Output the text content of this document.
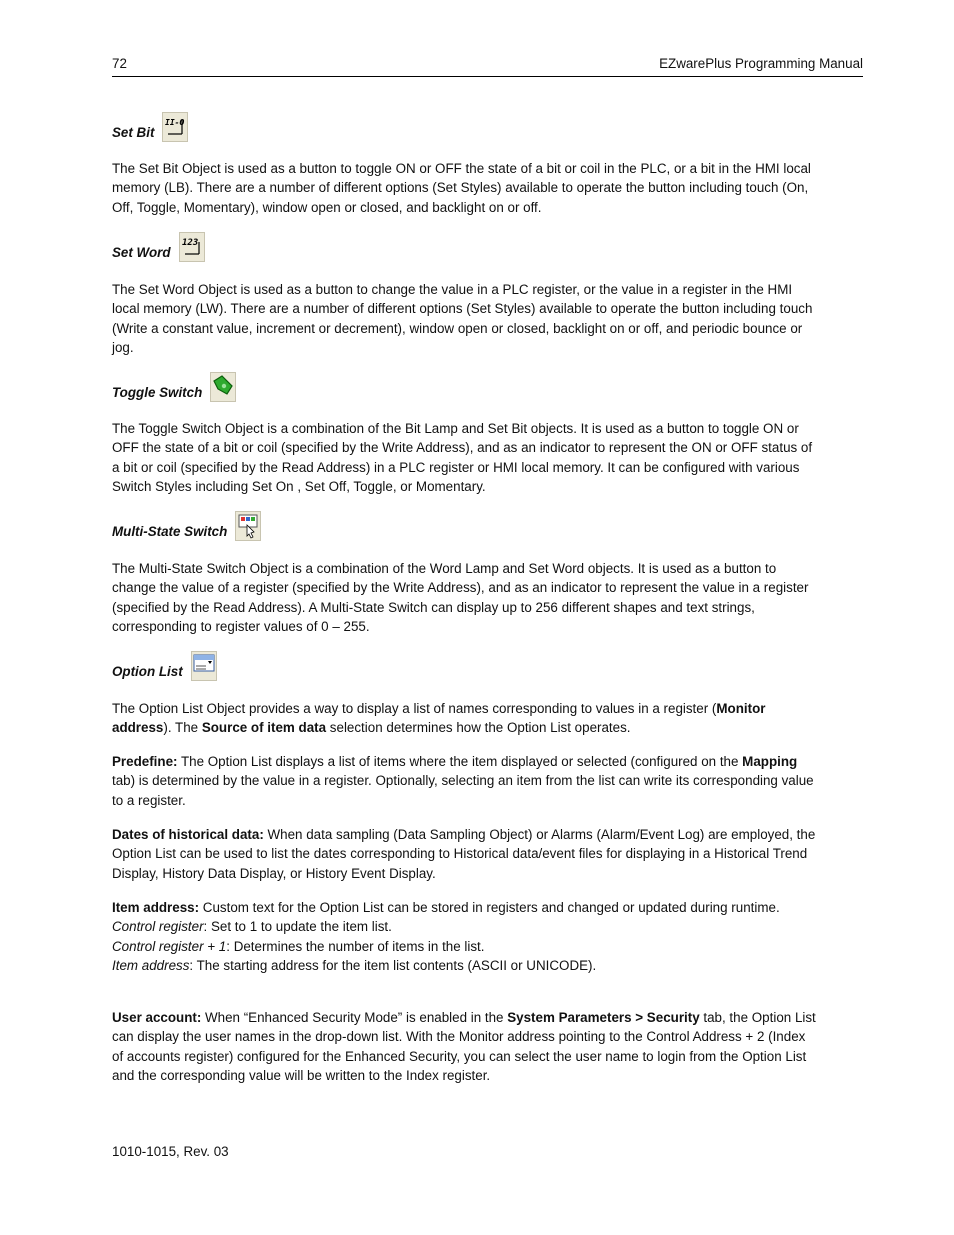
72	EZwarePlus Programming Manual
Set Bit
II-O
The Set Bit Object is used as a button to toggle ON or OFF the state of a bit or coil in the PLC, or a bit in the HMI local memory (LB). There are a number of different options (Set Styles) available to operate the button including touch (On, Off, Toggle, Momentary), window open or closed, and backlight on or off.
Set Word
123
The Set Word Object is used as a button to change the value in a PLC register, or the value in a register in the HMI local memory (LW). There are a number of different options (Set Styles) available to operate the button including touch (Write a constant value, increment or decrement), window open or closed, backlight on or off, and periodic bounce or jog.
Toggle Switch
The Toggle Switch Object is a combination of the Bit Lamp and Set Bit objects. It is used as a button to toggle ON or OFF the state of a bit or coil (specified by the Write Address), and as an indicator to represent the ON or OFF status of a bit or coil (specified by the Read Address) in a PLC register or HMI local memory. It can be configured with various Switch Styles including Set On , Set Off, Toggle, or Momentary.
Multi-State Switch
The Multi-State Switch Object is a combination of the Word Lamp and Set Word objects. It is used as a button to change the value of a register (specified by the Write Address), and as an indicator to represent the value in a register (specified by the Read Address). A Multi-State Switch can display up to 256 different shapes and text strings, corresponding to register values of 0 – 255.
Option List
The Option List Object provides a way to display a list of names corresponding to values in a register (Monitor address). The Source of item data selection determines how the Option List operates.
Predefine: The Option List displays a list of items where the item displayed or selected (configured on the Mapping tab) is determined by the value in a register. Optionally, selecting an item from the list can write its corresponding value to a register.
Dates of historical data: When data sampling (Data Sampling Object) or Alarms (Alarm/Event Log) are employed, the Option List can be used to list the dates corresponding to Historical data/event files for displaying in a Historical Trend Display, History Data Display, or History Event Display.
Item address: Custom text for the Option List can be stored in registers and changed or updated during runtime.
Control register: Set to 1 to update the item list.
Control register + 1: Determines the number of items in the list.
Item address: The starting address for the item list contents (ASCII or UNICODE).
User account: When “Enhanced Security Mode” is enabled in the System Parameters > Security tab, the Option List can display the user names in the drop-down list. With the Monitor address pointing to the Control Address + 2 (Index of accounts register) configured for the Enhanced Security, you can select the user name to login from the Option List and the corresponding value will be written to the Index register.
1010-1015, Rev. 03
